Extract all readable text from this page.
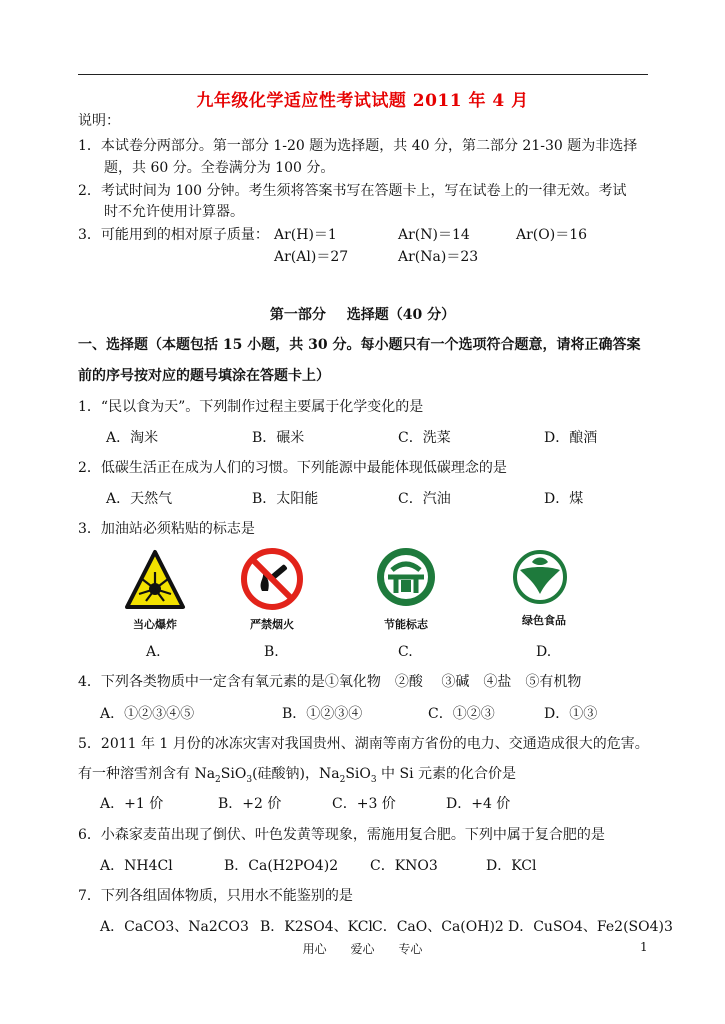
九年级化学适应性考试试题 2011 年 4 月
说明：
1．本试卷分两部分。第一部分 1-20 题为选择题，共 40 分，第二部分 21-30 题为非选择
题，共 60 分。全卷满分为 100 分。
2．考试时间为 100 分钟。考生须将答案书写在答题卡上，写在试卷上的一律无效。考试
时不允许使用计算器。
3．可能用到的相对原子质量： Ar(H)＝1	Ar(N)＝14	Ar(O)＝16
Ar(Al)＝27	Ar(Na)＝23
第一部分 选择题（40 分）
一、选择题（本题包括 15 小题，共 30 分。每小题只有一个选项符合题意，请将正确答案
前的序号按对应的题号填涂在答题卡上）
1．“民以食为天”。下列制作过程主要属于化学变化的是
A．淘米	B．碾米	C．洗菜	D．酿酒
2．低碳生活正在成为人们的习惯。下列能源中最能体现低碳理念的是
A．天然气	B．太阳能	C．汽油	D．煤
3．加油站必须粘贴的标志是
当心爆炸	严禁烟火	节能标志	绿色食品
A.	B.	C.	D.
4．下列各类物质中一定含有氧元素的是①氧化物　②酸　 ③碱　④盐　⑤有机物
A．①②③④⑤	B．①②③④	C．①②③	D．①③
5．2011 年 1 月份的冰冻灾害对我国贵州、湖南等南方省份的电力、交通造成很大的危害。
有一种溶雪剂含有 $Na_2SiO_3$(硅酸钠)，$Na_2SiO_3$ 中 Si 元素的化合价是
A．+1 价	B．+2 价	C．+3 价	D．+4 价
6．小森家麦苗出现了倒伏、叶色发黄等现象，需施用复合肥。下列中属于复合肥的是
A．NH4Cl	B．Ca(H2PO4)2 C．KNO3	D．KCl
7．下列各组固体物质，只用水不能鉴别的是
A．CaCO3、Na2CO3 B．K2SO4、KCl C．CaO、Ca(OH)2 D．CuSO4、Fe2(SO4)3
用心 爱心 专心	1
